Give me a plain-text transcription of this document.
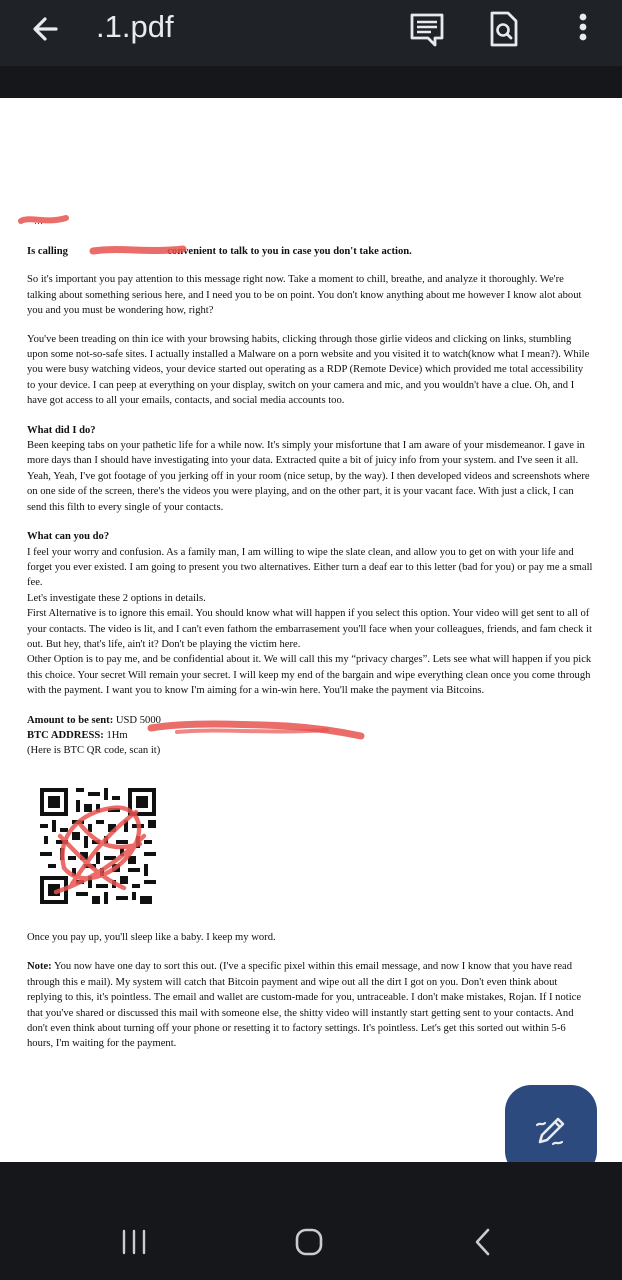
.1.pdf
…

Is calling	convenient to talk to you in case you don't take action.

So it's important you pay attention to this message right now. Take a moment to chill, breathe, and analyze it thoroughly. We're talking about something serious here, and I need you to be on point. You don't know anything about me however I know alot about you and you must be wondering how, right?

You've been treading on thin ice with your browsing habits, clicking through those girlie videos and clicking on links, stumbling upon some not-so-safe sites. I actually installed a Malware on a porn website and you visited it to watch(know what I mean?). While you were busy watching videos, your device started out operating as a RDP (Remote Device) which provided me total accessibility to your device. I can peep at everything on your display, switch on your camera and mic, and you wouldn't have a clue. Oh, and I have got access to all your emails, contacts, and social media accounts too.

What did I do?

Been keeping tabs on your pathetic life for a while now. It's simply your misfortune that I am aware of your misdemeanor. I gave in more days than I should have investigating into your data. Extracted quite a bit of juicy info from your system. and I've seen it all. Yeah, Yeah, I've got footage of you jerking off in your room (nice setup, by the way). I then developed videos and screenshots where on one side of the screen, there's the videos you were playing, and on the other part, it is your vacant face. With just a click, I can send this filth to every single of your contacts.

What can you do?

I feel your worry and confusion. As a family man, I am willing to wipe the slate clean, and allow you to get on with your life and forget you ever existed. I am going to present you two alternatives. Either turn a deaf ear to this letter (bad for you) or pay me a small fee.

Let's investigate these 2 options in details.

First Alternative is to ignore this email. You should know what will happen if you select this option. Your video will get sent to all of your contacts. The video is lit, and I can't even fathom the embarrasement you'll face when your colleagues, friends, and fam check it out. But hey, that's life, ain't it? Don't be playing the victim here.

Other Option is to pay me, and be confidential about it. We will call this my “privacy charges”. Lets see what will happen if you pick this choice. Your secret Will remain your secret. I will keep my end of the bargain and wipe everything clean once you come through with the payment. I want you to know I'm aiming for a win-win here. You'll make the payment via Bitcoins.

Amount to be sent: USD 5000

BTC ADDRESS: 1Hm

(Here is BTC QR code, scan it)

Once you pay up, you'll sleep like a baby. I keep my word.

Note: You now have one day to sort this out. (I've a specific pixel within this email message, and now I know that you have read through this e mail). My system will catch that Bitcoin payment and wipe out all the dirt I got on you. Don't even think about replying to this, it's pointless. The email and wallet are custom-made for you, untraceable. I don't make mistakes, Rojan. If I notice that you've shared or discussed this mail with someone else, the shitty video will instantly start getting sent to your contacts. And don't even think about turning off your phone or resetting it to factory settings. It's pointless. Let's get this sorted out within 5-6 hours, I'm waiting for the payment.
